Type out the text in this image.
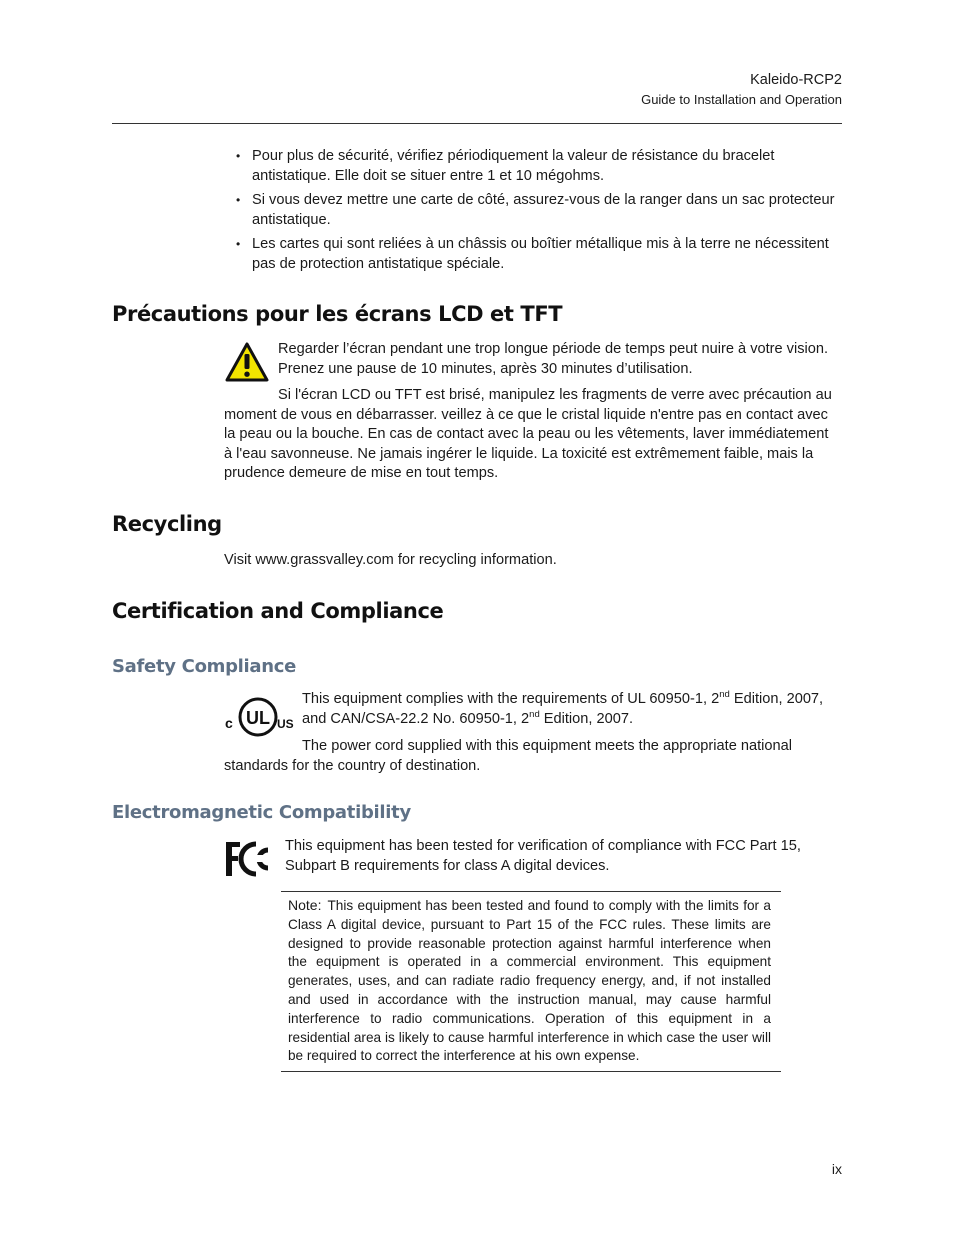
Kaleido-RCP2
Guide to Installation and Operation
• Pour plus de sécurité, vérifiez périodiquement la valeur de résistance du bracelet antistatique. Elle doit se situer entre 1 et 10 mégohms.
• Si vous devez mettre une carte de côté, assurez-vous de la ranger dans un sac protecteur antistatique.
• Les cartes qui sont reliées à un châssis ou boîtier métallique mis à la terre ne nécessitent pas de protection antistatique spéciale.
Précautions pour les écrans LCD et TFT
Regarder l’écran pendant une trop longue période de temps peut nuire à votre vision. Prenez une pause de 10 minutes, après 30 minutes d’utilisation.
Si l'écran LCD ou TFT est brisé, manipulez les fragments de verre avec précaution au moment de vous en débarrasser. veillez à ce que le cristal liquide n'entre pas en contact avec la peau ou la bouche. En cas de contact avec la peau ou les vêtements, laver immédiatement à l'eau savonneuse. Ne jamais ingérer le liquide. La toxicité est extrêmement faible, mais la prudence demeure de mise en tout temps.
Recycling
Visit www.grassvalley.com for recycling information.
Certification and Compliance
Safety Compliance
UL
c	US
This equipment complies with the requirements of UL 60950-1, 2nd Edition, 2007, and CAN/CSA-22.2 No. 60950-1, 2nd Edition, 2007.
The power cord supplied with this equipment meets the appropriate national standards for the country of destination.
Electromagnetic Compatibility
This equipment has been tested for verification of compliance with FCC Part 15, Subpart B requirements for class A digital devices.
Note: This equipment has been tested and found to comply with the limits for a Class A digital device, pursuant to Part 15 of the FCC rules. These limits are designed to provide reasonable protection against harmful interference when the equipment is operated in a commercial environment. This equipment generates, uses, and can radiate radio frequency energy, and, if not installed and used in accordance with the instruction manual, may cause harmful interference to radio communications. Operation of this equipment in a residential area is likely to cause harmful interference in which case the user will be required to correct the interference at his own expense.
ix
